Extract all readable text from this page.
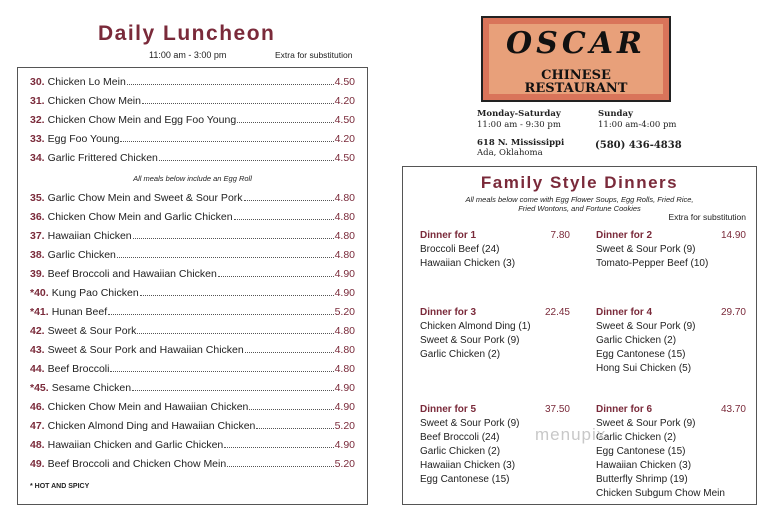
Daily Luncheon
11:00 am - 3:00 pm	Extra for substitution
30. Chicken Lo Mein	4.50
31. Chicken Chow Mein	4.20
32. Chicken Chow Mein and Egg Foo Young	4.50
33. Egg Foo Young	4.20
34. Garlic Frittered Chicken	4.50
35. Garlic Chow Mein and Sweet & Sour Pork	4.80
36. Chicken Chow Mein and Garlic Chicken	4.80
37. Hawaiian Chicken	4.80
38. Garlic Chicken	4.80
39. Beef Broccoli and Hawaiian Chicken	4.90
*40. Kung Pao Chicken	4.90
*41. Hunan Beef	5.20
42. Sweet & Sour Pork	4.80
43. Sweet & Sour Pork and Hawaiian Chicken	4.80
44. Beef Broccoli	4.80
*45. Sesame Chicken	4.90
46. Chicken Chow Mein and Hawaiian Chicken	4.90
47. Chicken Almond Ding and Hawaiian Chicken	5.20
48. Hawaiian Chicken and Garlic Chicken	4.90
49. Beef Broccoli and Chicken Chow Mein	5.20
All meals below include an Egg Roll
* HOT AND SPICY
OSCAR
CHINESE
RESTAURANT
Monday-Saturday
11:00 am - 9:30 pm
Sunday
11:00 am-4:00 pm
618 N. Mississippi
Ada, Oklahoma
(580) 436-4838
Family Style Dinners
All meals below come with Egg Flower Soups, Egg Rolls, Fried Rice,
Fried Wontons, and Fortune Cookies
Extra for substitution
Dinner for 1	7.80
Broccoli Beef (24)
Hawaiian Chicken (3)
Dinner for 2	14.90
Sweet & Sour Pork (9)
Tomato-Pepper Beef (10)
Dinner for 3	22.45
Chicken Almond Ding (1)
Sweet & Sour Pork (9)
Garlic Chicken (2)
Dinner for 4	29.70
Sweet & Sour Pork (9)
Garlic Chicken (2)
Egg Cantonese (15)
Hong Sui Chicken (5)
Dinner for 5	37.50
Sweet & Sour Pork (9)
Beef Broccoli (24)
Garlic Chicken (2)
Hawaiian Chicken (3)
Egg Cantonese (15)
Dinner for 6	43.70
Sweet & Sour Pork (9)
Garlic Chicken (2)
Egg Cantonese (15)
Hawaiian Chicken (3)
Butterfly Shrimp (19)
Chicken Subgum Chow Mein
menupix
